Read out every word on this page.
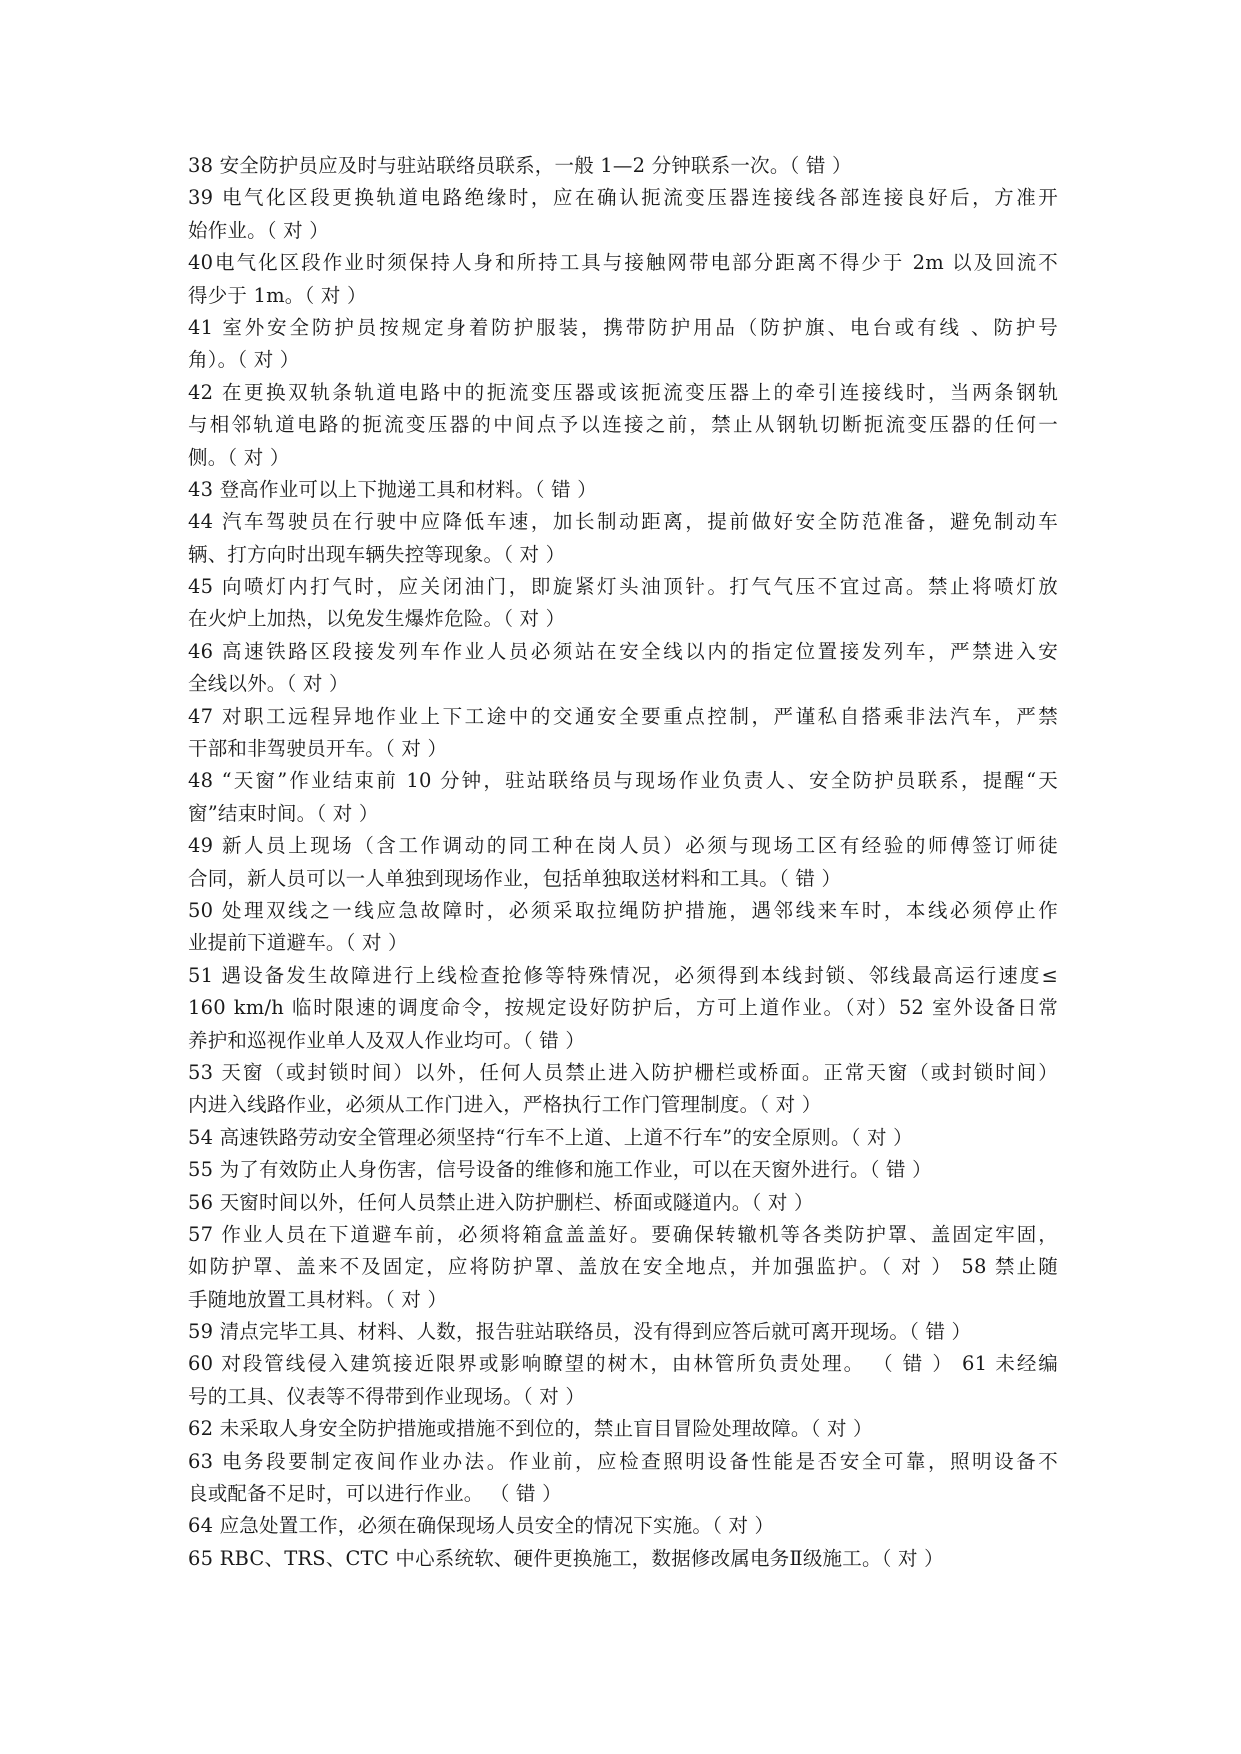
38 安全防护员应及时与驻站联络员联系，一般 1—2 分钟联系一次。（ 错 ）
39 电气化区段更换轨道电路绝缘时，应在确认扼流变压器连接线各部连接良好后，方准开
始作业。（ 对 ）
40电气化区段作业时须保持人身和所持工具与接触网带电部分距离不得少于 2m 以及回流不
得少于 1m。（ 对 ）
41 室外安全防护员按规定身着防护服装，携带防护用品（防护旗、电台或有线 、防护号
角）。（ 对 ）
42 在更换双轨条轨道电路中的扼流变压器或该扼流变压器上的牵引连接线时，当两条钢轨
与相邻轨道电路的扼流变压器的中间点予以连接之前，禁止从钢轨切断扼流变压器的任何一
侧。（ 对 ）
43 登高作业可以上下抛递工具和材料。（ 错 ）
44 汽车驾驶员在行驶中应降低车速，加长制动距离，提前做好安全防范准备，避免制动车
辆、打方向时出现车辆失控等现象。（ 对 ）
45 向喷灯内打气时，应关闭油门，即旋紧灯头油顶针。打气气压不宜过高。禁止将喷灯放
在火炉上加热，以免发生爆炸危险。（ 对 ）
46 高速铁路区段接发列车作业人员必须站在安全线以内的指定位置接发列车，严禁进入安
全线以外。（ 对 ）
47 对职工远程异地作业上下工途中的交通安全要重点控制，严谨私自搭乘非法汽车，严禁
干部和非驾驶员开车。（ 对 ）
48 “天窗”作业结束前 10 分钟，驻站联络员与现场作业负责人、安全防护员联系，提醒“天
窗”结束时间。（ 对 ）
49 新人员上现场（含工作调动的同工种在岗人员）必须与现场工区有经验的师傅签订师徒
合同，新人员可以一人单独到现场作业，包括单独取送材料和工具。（ 错 ）
50 处理双线之一线应急故障时，必须采取拉绳防护措施，遇邻线来车时，本线必须停止作
业提前下道避车。（ 对 ）
51 遇设备发生故障进行上线检查抢修等特殊情况，必须得到本线封锁、邻线最高运行速度≤
160 km/h 临时限速的调度命令，按规定设好防护后，方可上道作业。（对）52 室外设备日常
养护和巡视作业单人及双人作业均可。（ 错 ）
53 天窗（或封锁时间）以外，任何人员禁止进入防护栅栏或桥面。正常天窗（或封锁时间）
内进入线路作业，必须从工作门进入，严格执行工作门管理制度。（ 对 ）
54 高速铁路劳动安全管理必须坚持“行车不上道、上道不行车”的安全原则。（ 对 ）
55 为了有效防止人身伤害，信号设备的维修和施工作业，可以在天窗外进行。（ 错 ）
56 天窗时间以外，任何人员禁止进入防护删栏、桥面或隧道内。（ 对 ）
57 作业人员在下道避车前，必须将箱盒盖盖好。要确保转辙机等各类防护罩、盖固定牢固，
如防护罩、盖来不及固定，应将防护罩、盖放在安全地点，并加强监护。（ 对 ） 58 禁止随
手随地放置工具材料。（ 对 ）
59 清点完毕工具、材料、人数，报告驻站联络员，没有得到应答后就可离开现场。（ 错 ）
60 对段管线侵入建筑接近限界或影响瞭望的树木，由林管所负责处理。 （ 错 ） 61 未经编
号的工具、仪表等不得带到作业现场。（ 对 ）
62 未采取人身安全防护措施或措施不到位的，禁止盲目冒险处理故障。（ 对 ）
63 电务段要制定夜间作业办法。作业前，应检查照明设备性能是否安全可靠，照明设备不
良或配备不足时，可以进行作业。 （ 错 ）
64 应急处置工作，必须在确保现场人员安全的情况下实施。（ 对 ）
65 RBC、TRS、CTC 中心系统软、硬件更换施工，数据修改属电务Ⅱ级施工。（ 对 ）
